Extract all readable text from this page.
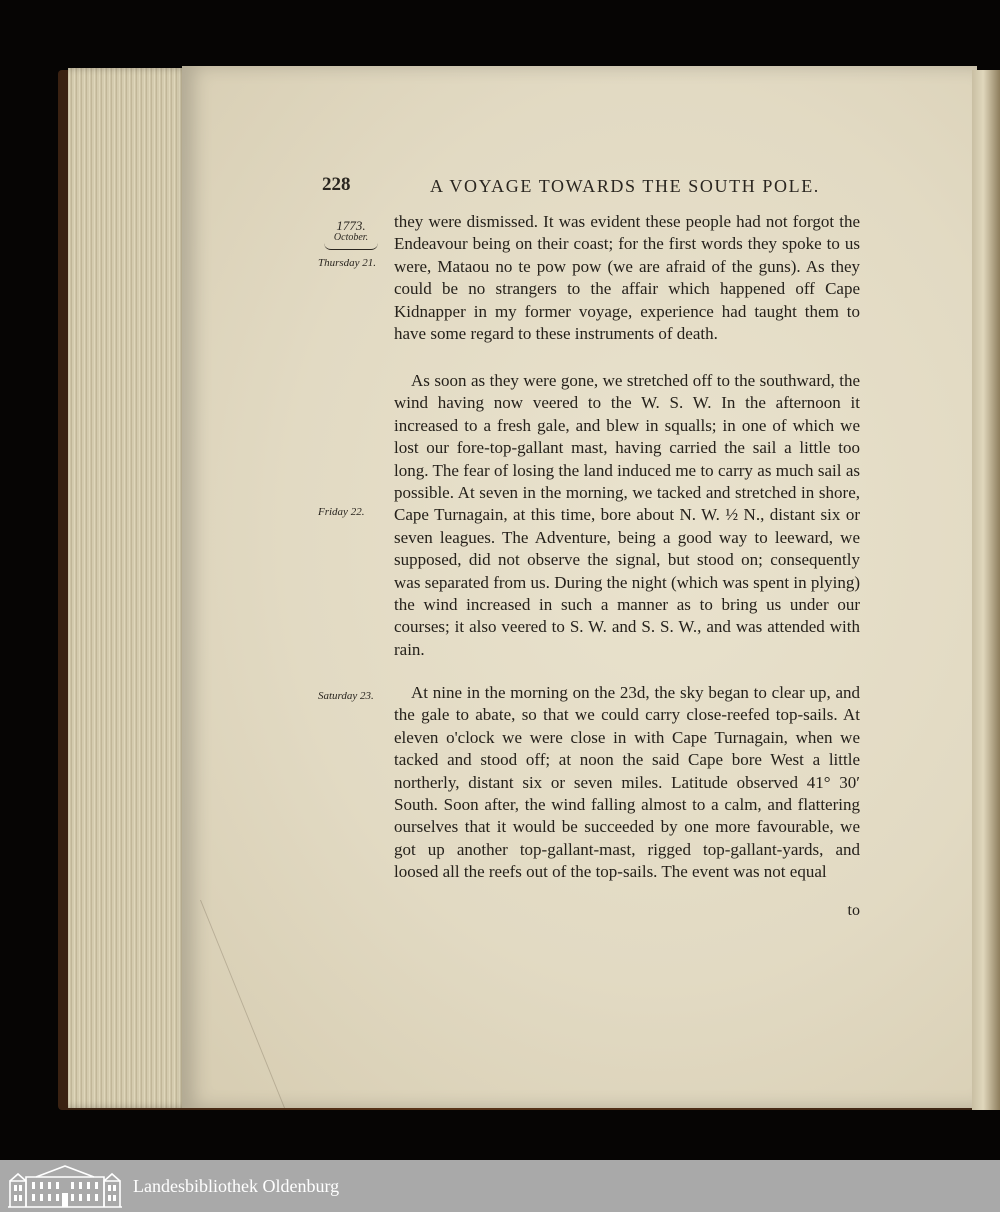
228	A VOYAGE TOWARDS THE SOUTH POLE.
1773.
October.
Thursday 21.
Friday 22.
Saturday 23.

they were dismissed. It was evident these people had not forgot the Endeavour being on their coast; for the first words they spoke to us were, Mataou no te pow pow (we are afraid of the guns). As they could be no strangers to the affair which happened off Cape Kidnapper in my former voyage, experience had taught them to have some regard to these instruments of death.

As soon as they were gone, we stretched off to the southward, the wind having now veered to the W. S. W. In the afternoon it increased to a fresh gale, and blew in squalls; in one of which we lost our fore-top-gallant mast, having carried the sail a little too long. The fear of losing the land induced me to carry as much sail as possible. At seven in the morning, we tacked and stretched in shore, Cape Turnagain, at this time, bore about N. W. ½ N., distant six or seven leagues. The Adventure, being a good way to leeward, we supposed, did not observe the signal, but stood on; consequently was separated from us. During the night (which was spent in plying) the wind increased in such a manner as to bring us under our courses; it also veered to S. W. and S. S. W., and was attended with rain.

At nine in the morning on the 23d, the sky began to clear up, and the gale to abate, so that we could carry close-reefed top-sails. At eleven o'clock we were close in with Cape Turnagain, when we tacked and stood off; at noon the said Cape bore West a little northerly, distant six or seven miles. Latitude observed 41° 30′ South. Soon after, the wind falling almost to a calm, and flattering ourselves that it would be succeeded by one more favourable, we got up another top-gallant-mast, rigged top-gallant-yards, and loosed all the reefs out of the top-sails. The event was not equal

to
Landesbibliothek Oldenburg
